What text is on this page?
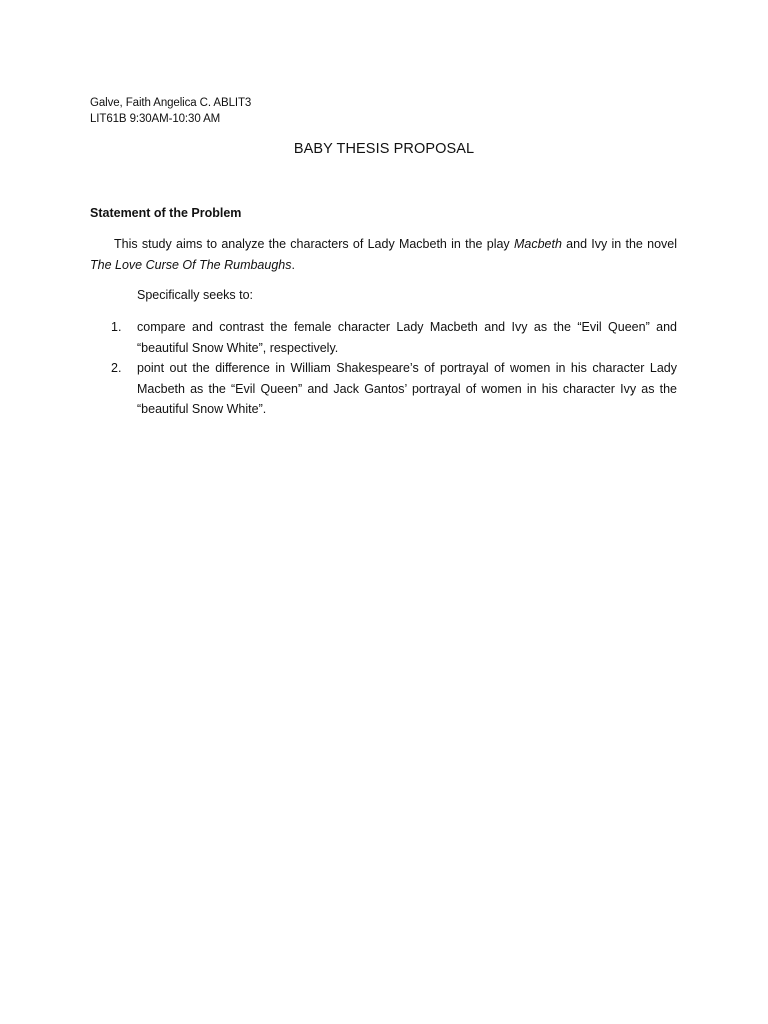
Galve, Faith Angelica C. ABLIT3
LIT61B 9:30AM-10:30 AM
BABY THESIS PROPOSAL
Statement of the Problem

This study aims to analyze the characters of Lady Macbeth in the play Macbeth and Ivy in the novel The Love Curse Of The Rumbaughs.

Specifically seeks to:
1. compare and contrast the female character Lady Macbeth and Ivy as the “Evil Queen” and “beautiful Snow White”, respectively.
2. point out the difference in William Shakespeare’s of portrayal of women in his character Lady Macbeth as the “Evil Queen” and Jack Gantos’ portrayal of women in his character Ivy as the “beautiful Snow White”.
